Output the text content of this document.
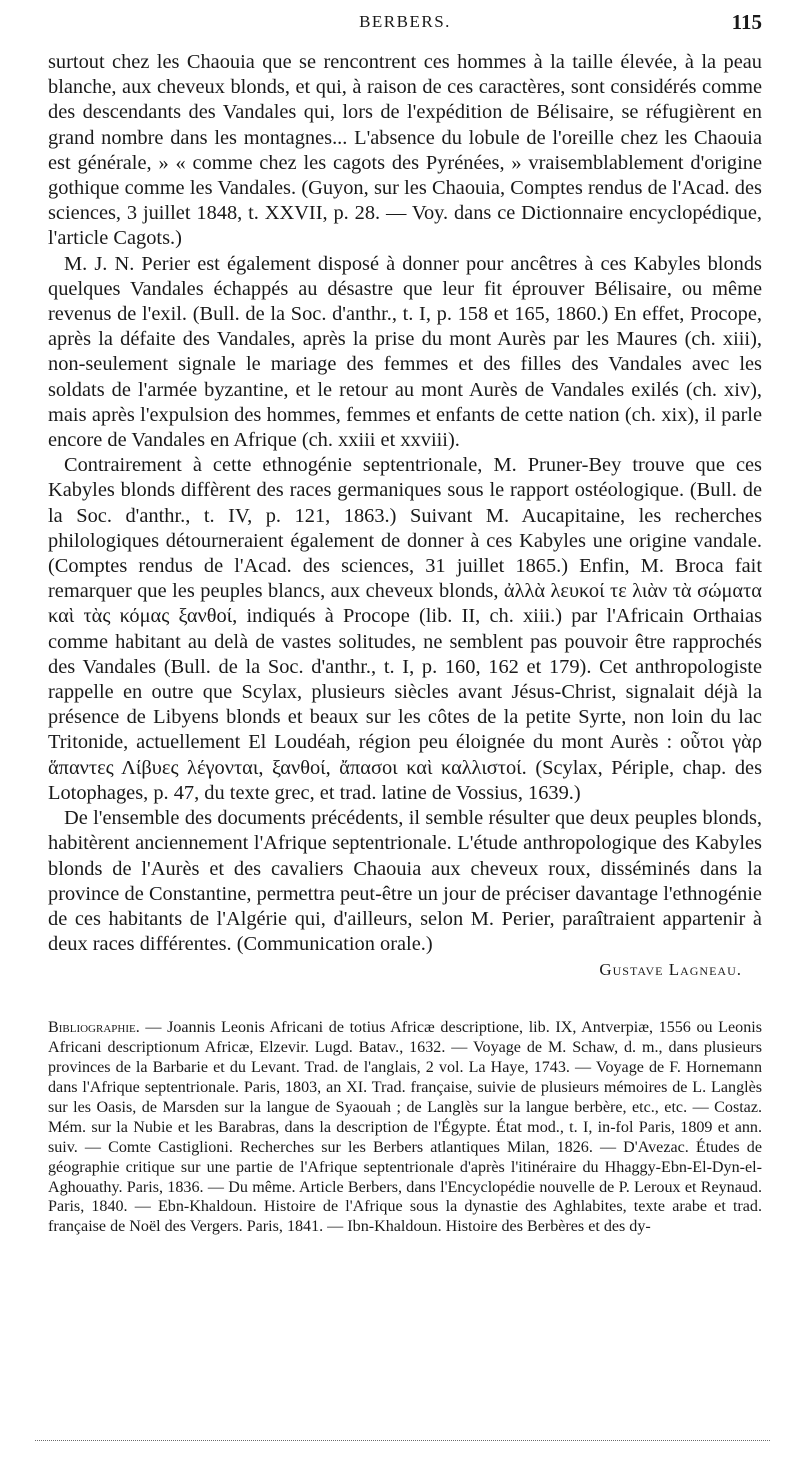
BERBERS.	115

surtout chez les Chaouia que se rencontrent ces hommes à la taille élevée, à la peau blanche, aux cheveux blonds, et qui, à raison de ces caractères, sont considérés comme des descendants des Vandales qui, lors de l'expédition de Bélisaire, se réfugièrent en grand nombre dans les montagnes... L'absence du lobule de l'oreille chez les Chaouia est générale, » « comme chez les cagots des Pyrénées, » vraisemblablement d'origine gothique comme les Vandales. (Guyon, sur les Chaouia, Comptes rendus de l'Acad. des sciences, 3 juillet 1848, t. XXVII, p. 28. — Voy. dans ce Dictionnaire encyclopédique, l'article Cagots.)

M. J. N. Perier est également disposé à donner pour ancêtres à ces Kabyles blonds quelques Vandales échappés au désastre que leur fit éprouver Bélisaire, ou même revenus de l'exil. (Bull. de la Soc. d'anthr., t. I, p. 158 et 165, 1860.) En effet, Procope, après la défaite des Vandales, après la prise du mont Aurès par les Maures (ch. xiii), non-seulement signale le mariage des femmes et des filles des Vandales avec les soldats de l'armée byzantine, et le retour au mont Aurès de Vandales exilés (ch. xiv), mais après l'expulsion des hommes, femmes et enfants de cette nation (ch. xix), il parle encore de Vandales en Afrique (ch. xxiii et xxviii).

Contrairement à cette ethnogénie septentrionale, M. Pruner-Bey trouve que ces Kabyles blonds diffèrent des races germaniques sous le rapport ostéologique. (Bull. de la Soc. d'anthr., t. IV, p. 121, 1863.) Suivant M. Aucapitaine, les recherches philologiques détourneraient également de donner à ces Kabyles une origine vandale. (Comptes rendus de l'Acad. des sciences, 31 juillet 1865.) Enfin, M. Broca fait remarquer que les peuples blancs, aux cheveux blonds, ἀλλὰ λευκοί τε λιὰν τὰ σώματα καὶ τὰς κόμας ξανθοί, indiqués à Procope (lib. II, ch. xiii.) par l'Africain Orthaias comme habitant au delà de vastes solitudes, ne semblent pas pouvoir être rapprochés des Vandales (Bull. de la Soc. d'anthr., t. I, p. 160, 162 et 179). Cet anthropologiste rappelle en outre que Scylax, plusieurs siècles avant Jésus-Christ, signalait déjà la présence de Libyens blonds et beaux sur les côtes de la petite Syrte, non loin du lac Tritonide, actuellement El Loudéah, région peu éloignée du mont Aurès : οὗτοι γὰρ ἅπαντες Λίβυες λέγονται, ξανθοί, ἄπασοι καὶ καλλιστοί. (Scylax, Périple, chap. des Lotophages, p. 47, du texte grec, et trad. latine de Vossius, 1639.)

De l'ensemble des documents précédents, il semble résulter que deux peuples blonds, habitèrent anciennement l'Afrique septentrionale. L'étude anthropologique des Kabyles blonds de l'Aurès et des cavaliers Chaouia aux cheveux roux, disséminés dans la province de Constantine, permettra peut-être un jour de préciser davantage l'ethnogénie de ces habitants de l'Algérie qui, d'ailleurs, selon M. Perier, paraîtraient appartenir à deux races différentes. (Communication orale.)

Gustave Lagneau.

Bibliographie. — Joannis Leonis Africani de totius Africæ descriptione, lib. IX, Antverpiæ, 1556 ou Leonis Africani descriptionum Africæ, Elzevir. Lugd. Batav., 1632. — Voyage de M. Schaw, d. m., dans plusieurs provinces de la Barbarie et du Levant. Trad. de l'anglais, 2 vol. La Haye, 1743. — Voyage de F. Hornemann dans l'Afrique septentrionale. Paris, 1803, an XI. Trad. française, suivie de plusieurs mémoires de L. Langlès sur les Oasis, de Marsden sur la langue de Syaouah ; de Langlès sur la langue berbère, etc., etc. — Costaz. Mém. sur la Nubie et les Barabras, dans la description de l'Égypte. État mod., t. I, in-fol Paris, 1809 et ann. suiv. — Comte Castiglioni. Recherches sur les Berbers atlantiques Milan, 1826. — D'Avezac. Études de géographie critique sur une partie de l'Afrique septentrionale d'après l'itinéraire du Hhaggy-Ebn-El-Dyn-el-Aghouathy. Paris, 1836. — Du même. Article Berbers, dans l'Encyclopédie nouvelle de P. Leroux et Reynaud. Paris, 1840. — Ebn-Khaldoun. Histoire de l'Afrique sous la dynastie des Aghlabites, texte arabe et trad. française de Noël des Vergers. Paris, 1841. — Ibn-Khaldoun. Histoire des Berbères et des dy-
